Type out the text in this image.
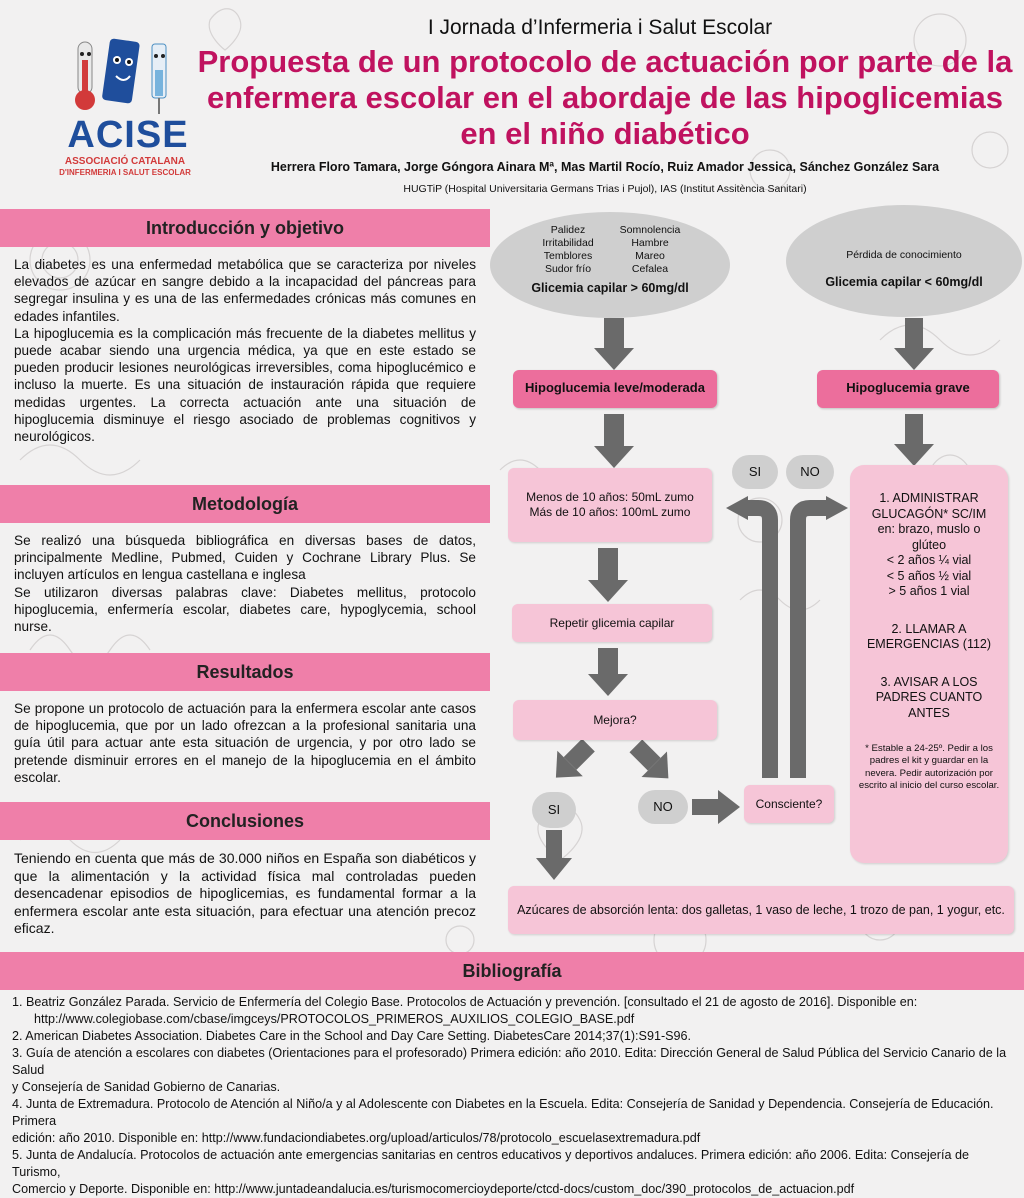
ACISE
ASSOCIACIÓ CATALANA
D'INFERMERIA I SALUT ESCOLAR
I Jornada d’Infermeria i Salut Escolar
Propuesta de un protocolo de actuación por parte de la enfermera escolar en el abordaje de las hipoglicemias en el niño diabético
Herrera Floro Tamara, Jorge Góngora Ainara Mª, Mas Martil Rocío, Ruiz Amador Jessica, Sánchez González Sara
HUGTiP (Hospital Universitaria Germans Trias i Pujol), IAS (Institut Assitència Sanitari)
Introducción y objetivo

La diabetes es una enfermedad metabólica que se caracteriza por niveles elevados de azúcar en sangre debido a la incapacidad del páncreas para segregar insulina y es una de las enfermedades crónicas más comunes en edades infantiles.

La hipoglucemia es la complicación más frecuente de la diabetes mellitus y puede acabar siendo una urgencia médica, ya que en este estado se pueden producir lesiones neurológicas irreversibles, coma hipoglucémico e incluso la muerte. Es una situación de instauración rápida que requiere medidas urgentes. La correcta actuación ante una situación de hipoglucemia disminuye el riesgo asociado de problemas cognitivos y neurológicos.

Metodología

Se realizó una búsqueda bibliográfica en diversas bases de datos, principalmente Medline, Pubmed, Cuiden y Cochrane Library Plus. Se incluyen artículos en lengua castellana e inglesa

Se utilizaron diversas palabras clave: Diabetes mellitus, protocolo hipoglucemia, enfermería escolar, diabetes care, hypoglycemia, school nurse.

Resultados

Se propone un protocolo de actuación para la enfermera escolar ante casos de hipoglucemia, que por un lado ofrezcan a la profesional sanitaria una guía útil para actuar ante esta situación de urgencia, y por otro lado se pretende disminuir errores en el manejo de la hipoglucemia en el ámbito escolar.

Conclusiones

Teniendo en cuenta que más de 30.000 niños en España son diabéticos y que la alimentación y la actividad física mal controladas pueden desencadenar episodios de hipoglicemias, es fundamental formar a la enfermera escolar ante esta situación, para efectuar una atención precoz eficaz.

Palidez
Irritabilidad
Temblores
Sudor frío
Somnolencia
Hambre
Mareo
Cefalea
Glicemia capilar > 60mg/dl
Pérdida de conocimiento
Glicemia capilar < 60mg/dl
Hipoglucemia leve/moderada	Hipoglucemia grave
Menos de 10 años: 50mL zumo
Más de 10 años: 100mL zumo
Repetir glicemia capilar
Mejora?
SI	NO	Consciente?
SI	NO
Azúcares de absorción lenta: dos galletas, 1 vaso de leche, 1 trozo de pan, 1 yogur, etc.
1. ADMINISTRAR GLUCAGÓN* SC/IM en: brazo, muslo o glúteo
< 2 años ¼ vial
< 5 años ½ vial
> 5 años 1 vial
2. LLAMAR A EMERGENCIAS (112)
3. AVISAR A LOS PADRES CUANTO ANTES
* Estable a 24-25º. Pedir a los padres el kit y guardar en la nevera. Pedir autorización por escrito al inicio del curso escolar.
Bibliografía
1. Beatriz González Parada. Servicio de Enfermería del Colegio Base. Protocolos de Actuación y prevención. [consultado el 21 de agosto de 2016]. Disponible en:
http://www.colegiobase.com/cbase/imgceys/PROTOCOLOS_PRIMEROS_AUXILIOS_COLEGIO_BASE.pdf
2. American Diabetes Association. Diabetes Care in the School and Day Care Setting. DiabetesCare 2014;37(1):S91-S96.
3. Guía de atención a escolares con diabetes (Orientaciones para el profesorado) Primera edición: año 2010. Edita: Dirección General de Salud Pública del Servicio Canario de la Salud
y Consejería de Sanidad Gobierno de Canarias.
4. Junta de Extremadura. Protocolo de Atención al Niño/a y al Adolescente con Diabetes en la Escuela. Edita: Consejería de Sanidad y Dependencia. Consejería de Educación. Primera
edición: año 2010. Disponible en: http://www.fundaciondiabetes.org/upload/articulos/78/protocolo_escuelasextremadura.pdf
5. Junta de Andalucía. Protocolos de actuación ante emergencias sanitarias en centros educativos y deportivos andaluces. Primera edición: año 2006. Edita: Consejería de Turismo,
Comercio y Deporte. Disponible en: http://www.juntadeandalucia.es/turismocomercioydeporte/ctcd-docs/custom_doc/390_protocolos_de_actuacion.pdf
